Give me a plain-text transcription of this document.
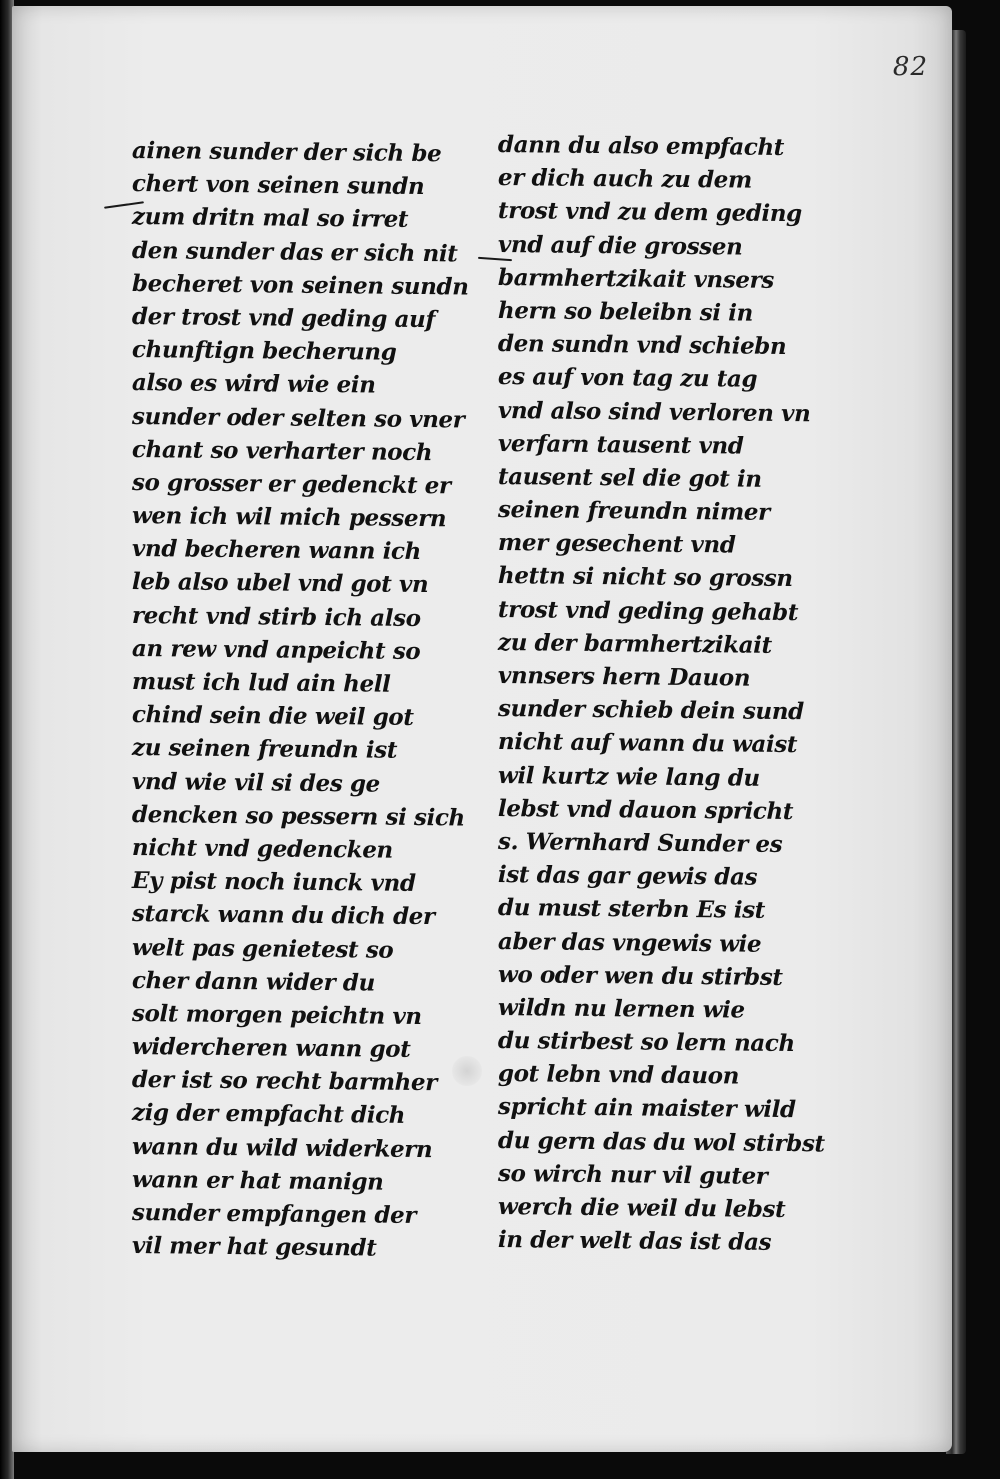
82
ainen sunder der sich be
chert von seinen sundn
zum dritn mal so irret
den sunder das er sich nit
becheret von seinen sundn
der trost vnd geding auf
chunftign becherung
also es wird wie ein
sunder oder selten so vner
chant so verharter noch
so grosser er gedenckt er
wen ich wil mich pessern
vnd becheren wann ich
leb also ubel vnd got vn
recht vnd stirb ich also
an rew vnd anpeicht so
must ich lud ain hell
chind sein die weil got
zu seinen freundn ist
vnd wie vil si des ge
dencken so pessern si sich
nicht vnd gedencken
Ey pist noch iunck vnd
starck wann du dich der
welt pas genietest so
cher dann wider du
solt morgen peichtn vn
widercheren wann got
der ist so recht barmher
zig der empfacht dich
wann du wild widerkern
wann er hat manign
sunder empfangen der
vil mer hat gesundt
dann du also empfacht
er dich auch zu dem
trost vnd zu dem geding
vnd auf die grossen
barmhertzikait vnsers
hern so beleibn si in
den sundn vnd schiebn
es auf von tag zu tag
vnd also sind verloren vn
verfarn tausent vnd
tausent sel die got in
seinen freundn nimer
mer gesechent vnd
hettn si nicht so grossn
trost vnd geding gehabt
zu der barmhertzikait
vnnsers hern Dauon
sunder schieb dein sund
nicht auf wann du waist
wil kurtz wie lang du
lebst vnd dauon spricht
s. Wernhard Sunder es
ist das gar gewis das
du must sterbn Es ist
aber das vngewis wie
wo oder wen du stirbst
wildn nu lernen wie
du stirbest so lern nach
got lebn vnd dauon
spricht ain maister wild
du gern das du wol stirbst
so wirch nur vil guter
werch die weil du lebst
in der welt das ist das
